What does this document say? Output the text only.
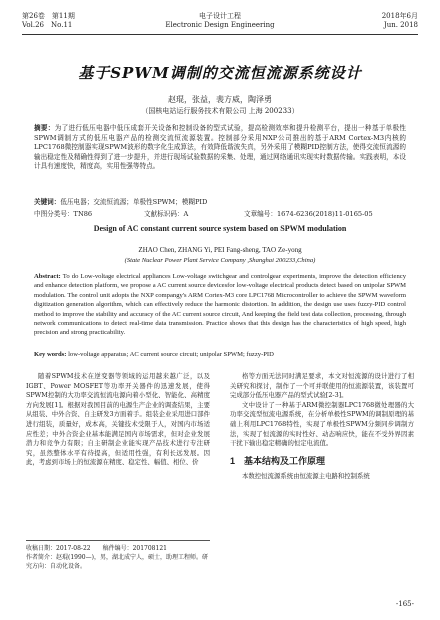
第26卷　第11期
Vol.26　No.11
电子设计工程
Electronic Design Engineering
2018年6月
Jun. 2018
基于SPWM调制的交流恒流源系统设计
赵琨，张益，裴方威，陶泽勇
（国核电站运行服务技术有限公司 上海 200233）
摘要：为了进行低压电器中低压成套开关设备和控制设备的型式试验，提高检测效率和提升检测平台，提出一种基于单极性SPWM调制方式的低压电器产品的检测交流恒流源装置。控制部分采用NXP公司推出的基于ARM Cortex-M3内核的LPC1768微控制器实现SPWM波形的数字化生成算法，有效降低谐波失真，另外采用了模糊PID控制方法，使得交流恒流源的输出稳定性及精确性得到了进一步提升，并进行现场试验数据的采集、处理，通过网络通讯实现实时数据传输。实践表明，本设计具有速度快，精度高，实用性强等特点。
关键词：低压电器；交流恒流源；单极性SPWM；模糊PID
中图分类号：TN86	文献标识码：A	文章编号：1674-6236(2018)11-0165-05
Design of AC constant current source system based on SPWM modulation
ZHAO Chen, ZHANG Yi, PEI Fang-sheng, TAO Ze-yong
(State Nuclear Power Plant Service Company ,Shanghai 200233,China)
Abstract: To do Low-voltage electrical appliances Low-voltage switchgear and controlgear experiments, improve the detection efficiency and enhance detection platform, we propose a AC current source devicesfor low-voltage electrical products detect based on unipolar SPWM modulation. The control unit adopts the NXP compangy's ARM Cortex-M3 core LPC1768 Microcontroller to achieve the SPWM waveform digitization generation algorithm, which can effectively reduce the harmonic distortion. In addition, the design use uses fuzzy-PID control method to improve the stability and accuracy of the AC current source circuit, And keeping the field test data collection, processing, through network communications to detect real-time data transmission. Practice shows that this design has the characteristics of high speed, high precision and strong practicability.
Key words: low-voltage apparatus; AC current source circuit; unipolar SPWM; fuzzy-PID

随着SPWM技术在逆变器等领域的运用越来越广泛，以及IGBT、Power MOSFET等功率开关器件的迅速发展，使得SPWM控制的大功率交流恒流电源向着小型化、智能化、高精度方向发展[1]。根据对我国目前的电源生产企业的调查结果，主要从组装、中外合资、自主研发3方面着手。组装企业采用进口部件进行组装，质量好，成本高，关键技术受限于人，对国内市场适应性差；中外合资企业基本能满足国内市场需求，但对企业发展潜力和竞争力有限；自主研制企业能实现产品技术进行专注研究，虽然整体水平有待提高，但适用性强，有利长远发展。因此，考虑到市场上的恒流源在精度、稳定性、幅值、相位、价

格等方面无法同时满足要求，本文对恒流源的设计进行了相关研究和探讨，制作了一个可并联使用的恒流源装置，该装置可完成部分低压电器产品的型式试验[2-3]。

文中设计了一种基于ARM微控制器LPC1768微处理器的大功率交流型恒流电源系统，在分析单极性SPWM的调制原理的基础上利用LPC1768特性，实现了单极性SPWM分频同步调制方法，实现了恒流源的实时性好、动态响应快，能在不受外界因素干扰下输出稳定精确的恒定电流值。

1　基本结构及工作原理

本数控恒流源系统由恒流源主电路和控制系统

收稿日期：2017-08-22　　稿件编号：201708121
作者简介：赵琨(1990—)，男，湖北成宁人，硕士，助理工程师。研究方向：自动化设备。
-165-
